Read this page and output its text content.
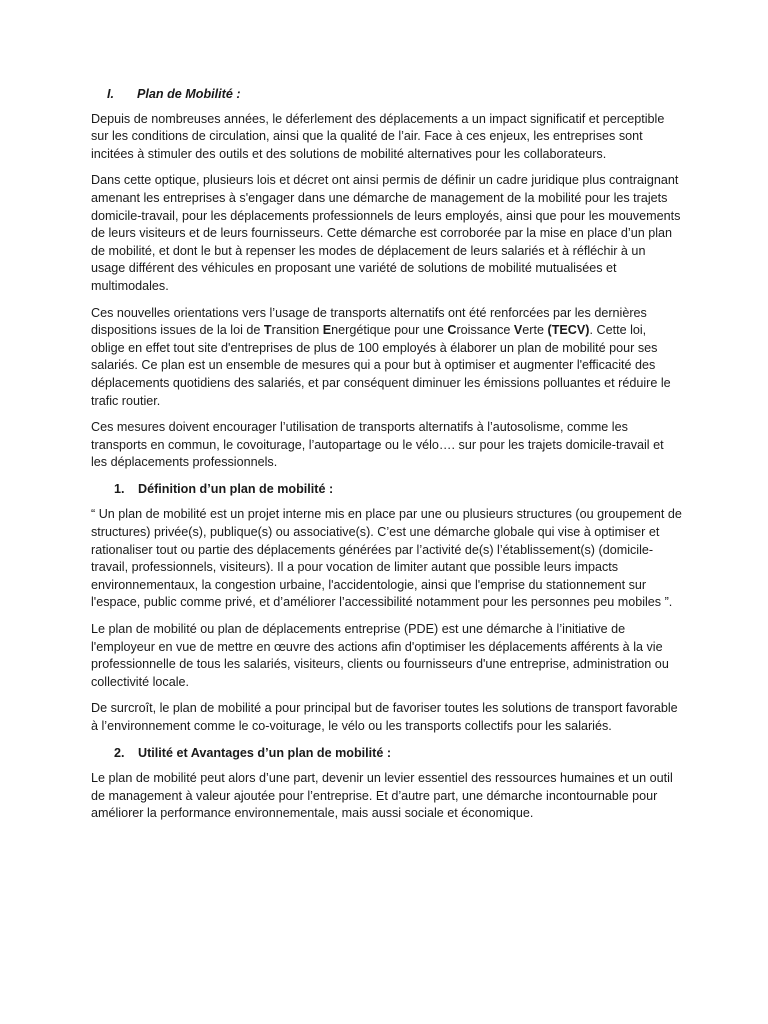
I. Plan de Mobilité :

Depuis de nombreuses années, le déferlement des déplacements a un impact significatif et perceptible sur les conditions de circulation, ainsi que la qualité de l’air. Face à ces enjeux, les entreprises sont incitées à stimuler des outils et des solutions de mobilité alternatives pour les collaborateurs.

Dans cette optique, plusieurs lois et décret ont ainsi permis de définir un cadre juridique plus contraignant amenant les entreprises à s'engager dans une démarche de management de la mobilité pour les trajets domicile-travail, pour les déplacements professionnels de leurs employés, ainsi que pour les mouvements de leurs visiteurs et de leurs fournisseurs. Cette démarche est corroborée par la mise en place d’un plan de mobilité, et dont le but à repenser les modes de déplacement de leurs salariés et à réfléchir à un usage différent des véhicules en proposant une variété de solutions de mobilité mutualisées et multimodales.

Ces nouvelles orientations vers l’usage de transports alternatifs ont été renforcées par les dernières dispositions issues de la loi de Transition Energétique pour une Croissance Verte (TECV). Cette loi, oblige en effet tout site d'entreprises de plus de 100 employés à élaborer un plan de mobilité pour ses salariés. Ce plan est un ensemble de mesures qui a pour but à optimiser et augmenter l'efficacité des déplacements quotidiens des salariés, et par conséquent diminuer les émissions polluantes et réduire le trafic routier.

Ces mesures doivent encourager l’utilisation de transports alternatifs à l’autosolisme, comme les transports en commun, le covoiturage, l’autopartage ou le vélo…. sur pour les trajets domicile-travail et les déplacements professionnels.

1. Définition d’un plan de mobilité :

“ Un plan de mobilité est un projet interne mis en place par une ou plusieurs structures (ou groupement de structures) privée(s), publique(s) ou associative(s). C’est une démarche globale qui vise à optimiser et rationaliser tout ou partie des déplacements générées par l’activité de(s) l’établissement(s) (domicile-travail, professionnels, visiteurs). Il a pour vocation de limiter autant que possible leurs impacts environnementaux, la congestion urbaine, l'accidentologie, ainsi que l'emprise du stationnement sur l'espace, public comme privé, et d’améliorer l’accessibilité notamment pour les personnes peu mobiles ”.

Le plan de mobilité ou plan de déplacements entreprise (PDE) est une démarche à l’initiative de l'employeur en vue de mettre en œuvre des actions afin d'optimiser les déplacements afférents à la vie professionnelle de tous les salariés, visiteurs, clients ou fournisseurs d'une entreprise, administration ou collectivité locale.

De surcroît, le plan de mobilité a pour principal but de favoriser toutes les solutions de transport favorable à l’environnement comme le co-voiturage, le vélo ou les transports collectifs pour les salariés.

2. Utilité et Avantages d’un plan de mobilité :

Le plan de mobilité peut alors d’une part, devenir un levier essentiel des ressources humaines et un outil de management à valeur ajoutée pour l’entreprise. Et d’autre part, une démarche incontournable pour améliorer la performance environnementale, mais aussi sociale et économique.
